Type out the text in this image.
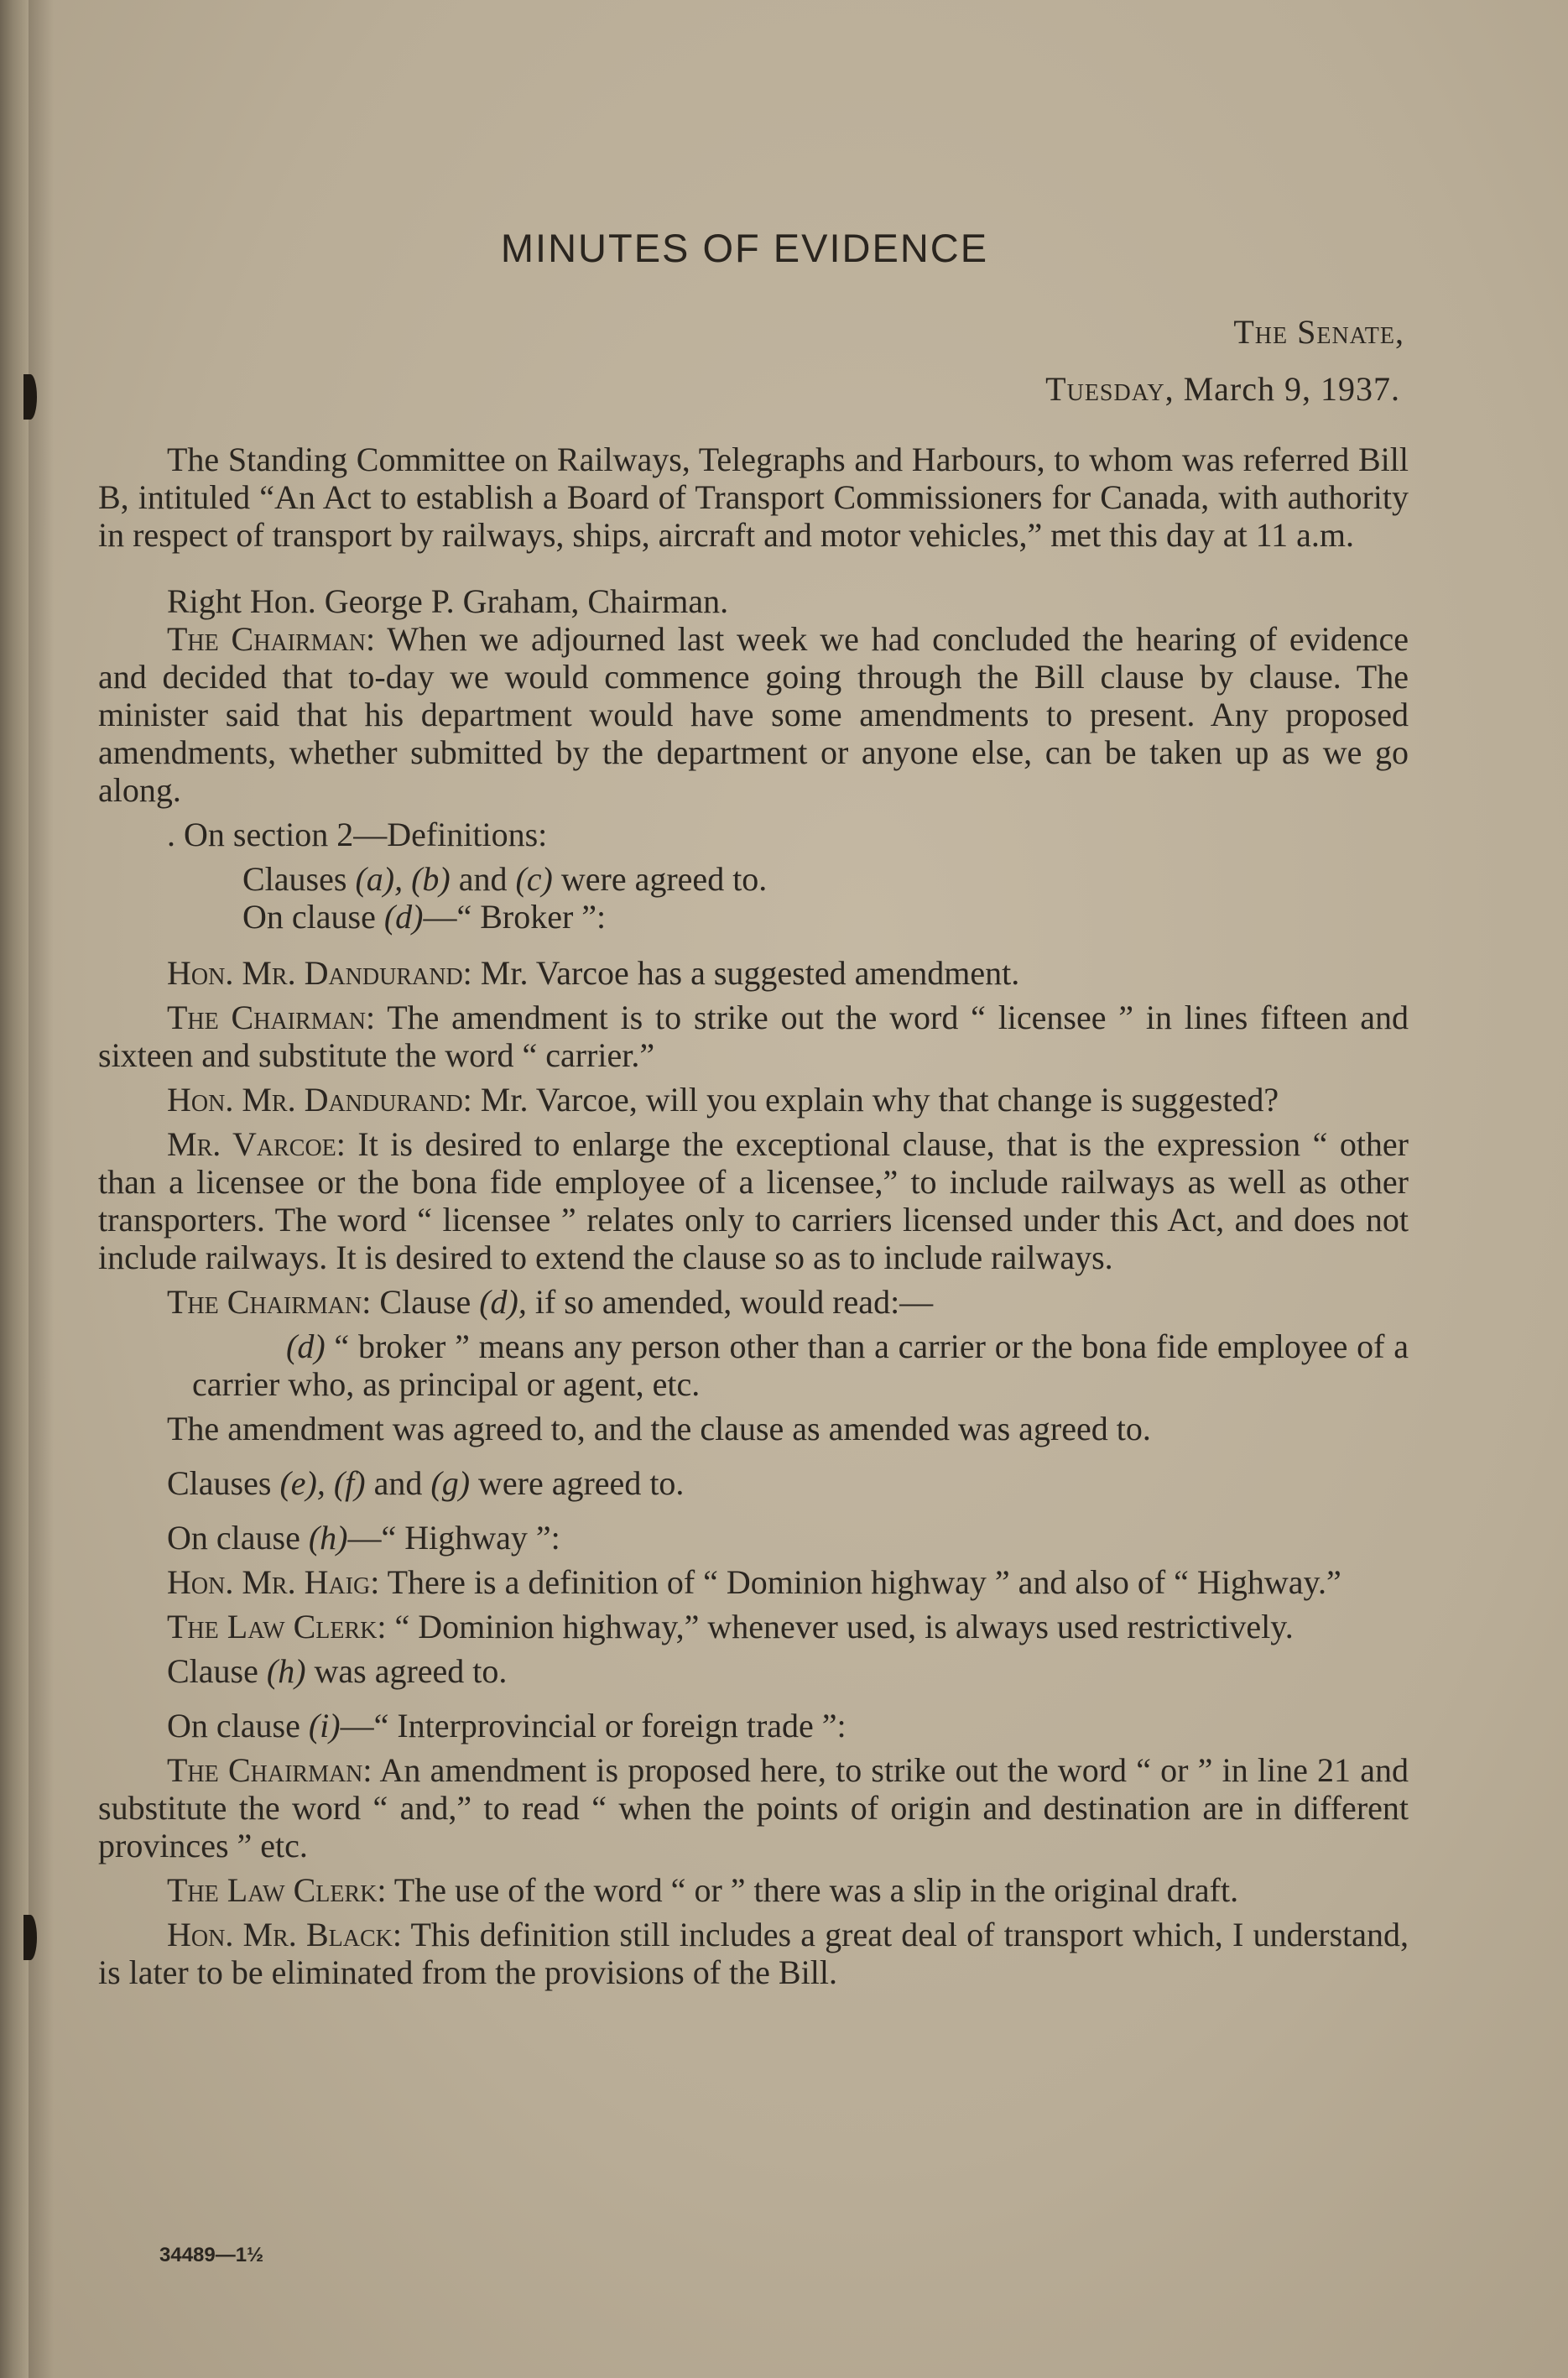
MINUTES OF EVIDENCE
The Senate,
Tuesday, March 9, 1937.

The Standing Committee on Railways, Telegraphs and Harbours, to whom was referred Bill B, intituled “An Act to establish a Board of Transport Commissioners for Canada, with authority in respect of transport by railways, ships, aircraft and motor vehicles,” met this day at 11 a.m.

Right Hon. George P. Graham, Chairman.

The Chairman: When we adjourned last week we had concluded the hearing of evidence and decided that to-day we would commence going through the Bill clause by clause. The minister said that his department would have some amendments to present. Any proposed amendments, whether submitted by the department or anyone else, can be taken up as we go along.

. On section 2—Definitions:

Clauses (a), (b) and (c) were agreed to.

On clause (d)—“ Broker ”:

Hon. Mr. Dandurand: Mr. Varcoe has a suggested amendment.

The Chairman: The amendment is to strike out the word “ licensee ” in lines fifteen and sixteen and substitute the word “ carrier.”

Hon. Mr. Dandurand: Mr. Varcoe, will you explain why that change is suggested?

Mr. Varcoe: It is desired to enlarge the exceptional clause, that is the expression “ other than a licensee or the bona fide employee of a licensee,” to include railways as well as other transporters. The word “ licensee ” relates only to carriers licensed under this Act, and does not include railways. It is desired to extend the clause so as to include railways.

The Chairman: Clause (d), if so amended, would read:—

(d) “ broker ” means any person other than a carrier or the bona fide employee of a carrier who, as principal or agent, etc.

The amendment was agreed to, and the clause as amended was agreed to.

Clauses (e), (f) and (g) were agreed to.

On clause (h)—“ Highway ”:

Hon. Mr. Haig: There is a definition of “ Dominion highway ” and also of “ Highway.”

The Law Clerk: “ Dominion highway,” whenever used, is always used restrictively.

Clause (h) was agreed to.

On clause (i)—“ Interprovincial or foreign trade ”:

The Chairman: An amendment is proposed here, to strike out the word “ or ” in line 21 and substitute the word “ and,” to read “ when the points of origin and destination are in different provinces ” etc.

The Law Clerk: The use of the word “ or ” there was a slip in the original draft.

Hon. Mr. Black: This definition still includes a great deal of transport which, I understand, is later to be eliminated from the provisions of the Bill.

34489—1½
